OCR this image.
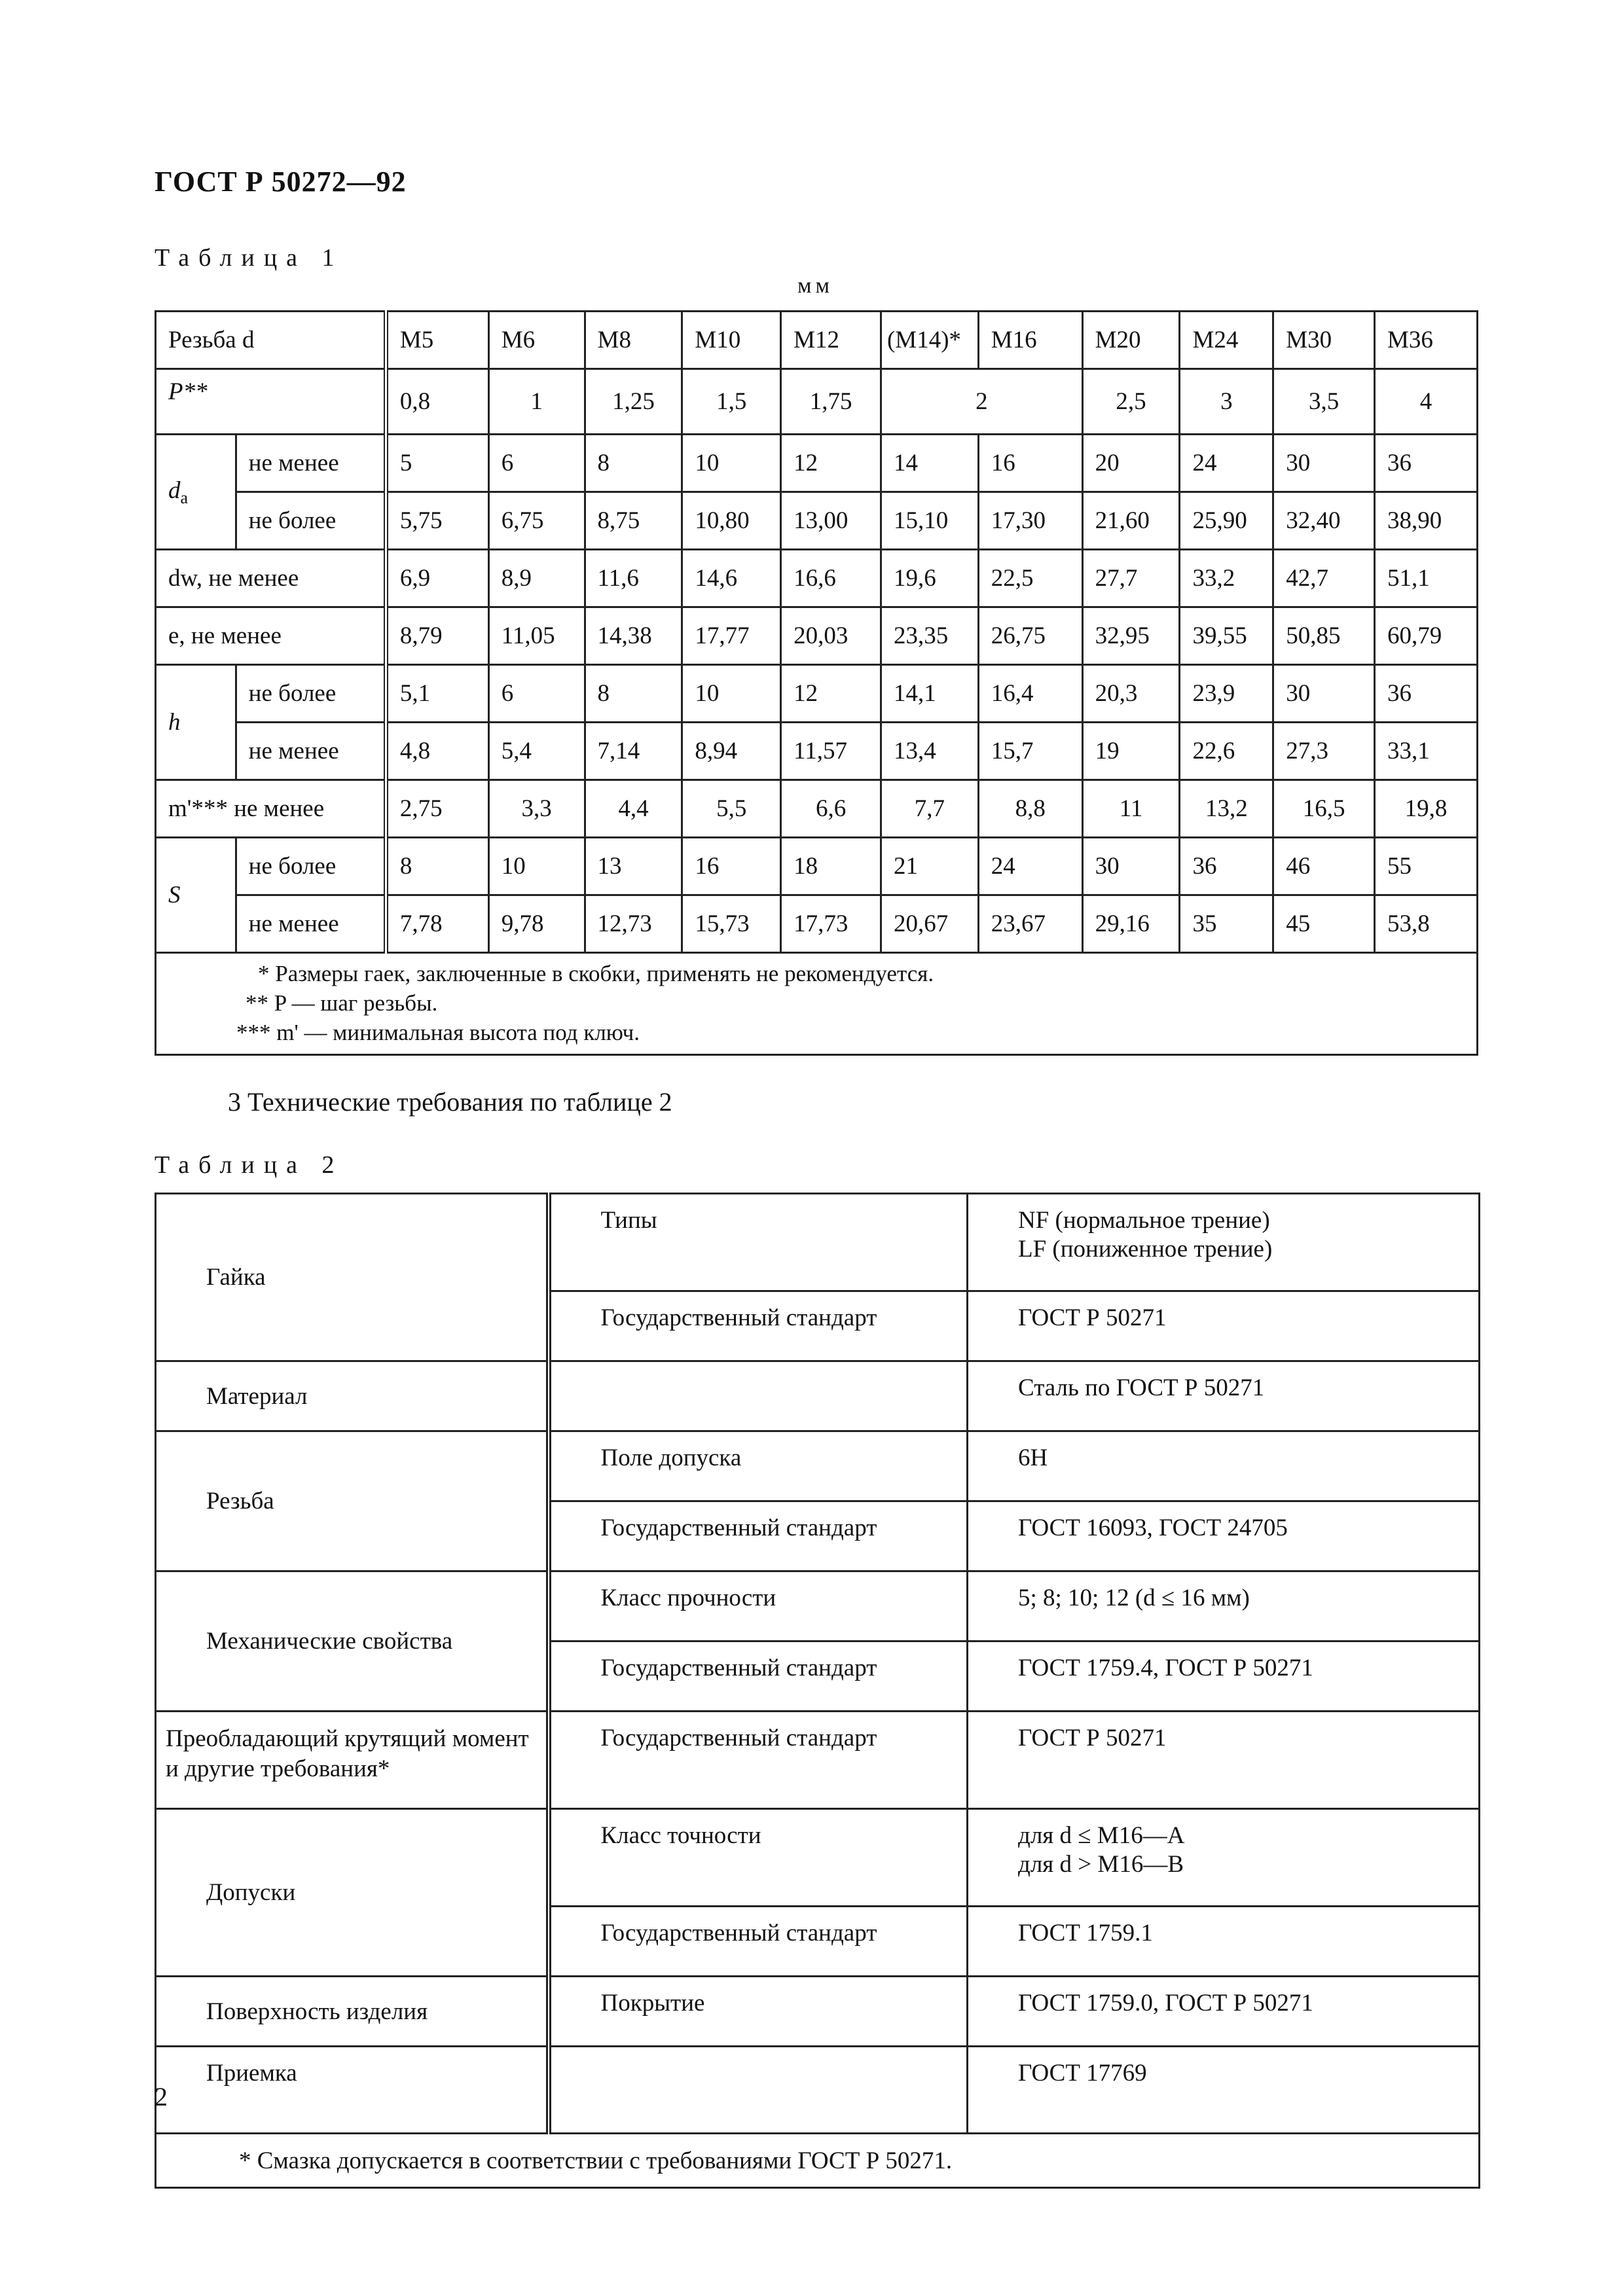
ГОСТ Р 50272—92
Таблица 1
мм
Резьба d		M5	M6	M8	M10	M12	(M14)*	M16	M20	M24	M30	M36
P**		0,8	1	1,25	1,5	1,75	2		2,5	3	3,5	4
$d_a$	не менее	5	6	8	10	12	14	16	20	24	30	36
	не более	5,75	6,75	8,75	10,80	13,00	15,10	17,30	21,60	25,90	32,40	38,90
dw, не менее		6,9	8,9	11,6	14,6	16,6	19,6	22,5	27,7	33,2	42,7	51,1
e, не менее		8,79	11,05	14,38	17,77	20,03	23,35	26,75	32,95	39,55	50,85	60,79
h	не более	5,1	6	8	10	12	14,1	16,4	20,3	23,9	30	36
	не менее	4,8	5,4	7,14	8,94	11,57	13,4	15,7	19	22,6	27,3	33,1
m'*** не менее		2,75	3,3	4,4	5,5	6,6	7,7	8,8	11	13,2	16,5	19,8
S	не более	8	10	13	16	18	21	24	30	36	46	55
	не менее	7,78	9,78	12,73	15,73	17,73	20,67	23,67	29,16	35	45	53,8

* Размеры гаек, заключенные в скобки, применять не рекомендуется.
** P — шаг резьбы.
*** m' — минимальная высота под ключ.												
3 Технические требования по таблице 2
Таблица 2
Гайка	Типы	NF (нормальное трение)
LF (пониженное трение)

	Государственный стандарт	ГОСТ Р 50271
Материал		Сталь по ГОСТ Р 50271
Резьба	Поле допуска	6H
	Государственный стандарт	ГОСТ 16093, ГОСТ 24705
Механические свойства	Класс прочности	5; 8; 10; 12 (d ≤ 16 мм)
	Государственный стандарт	ГОСТ 1759.4, ГОСТ Р 50271
Преобладающий крутящий момент и другие требования*	Государственный стандарт	ГОСТ Р 50271
Допуски	Класс точности	для d ≤ M16—A
для d > M16—B

	Государственный стандарт	ГОСТ 1759.1
Поверхность изделия	Покрытие	ГОСТ 1759.0, ГОСТ Р 50271
Приемка		ГОСТ 17769
* Смазка допускается в соответствии с требованиями ГОСТ Р 50271.		
2
